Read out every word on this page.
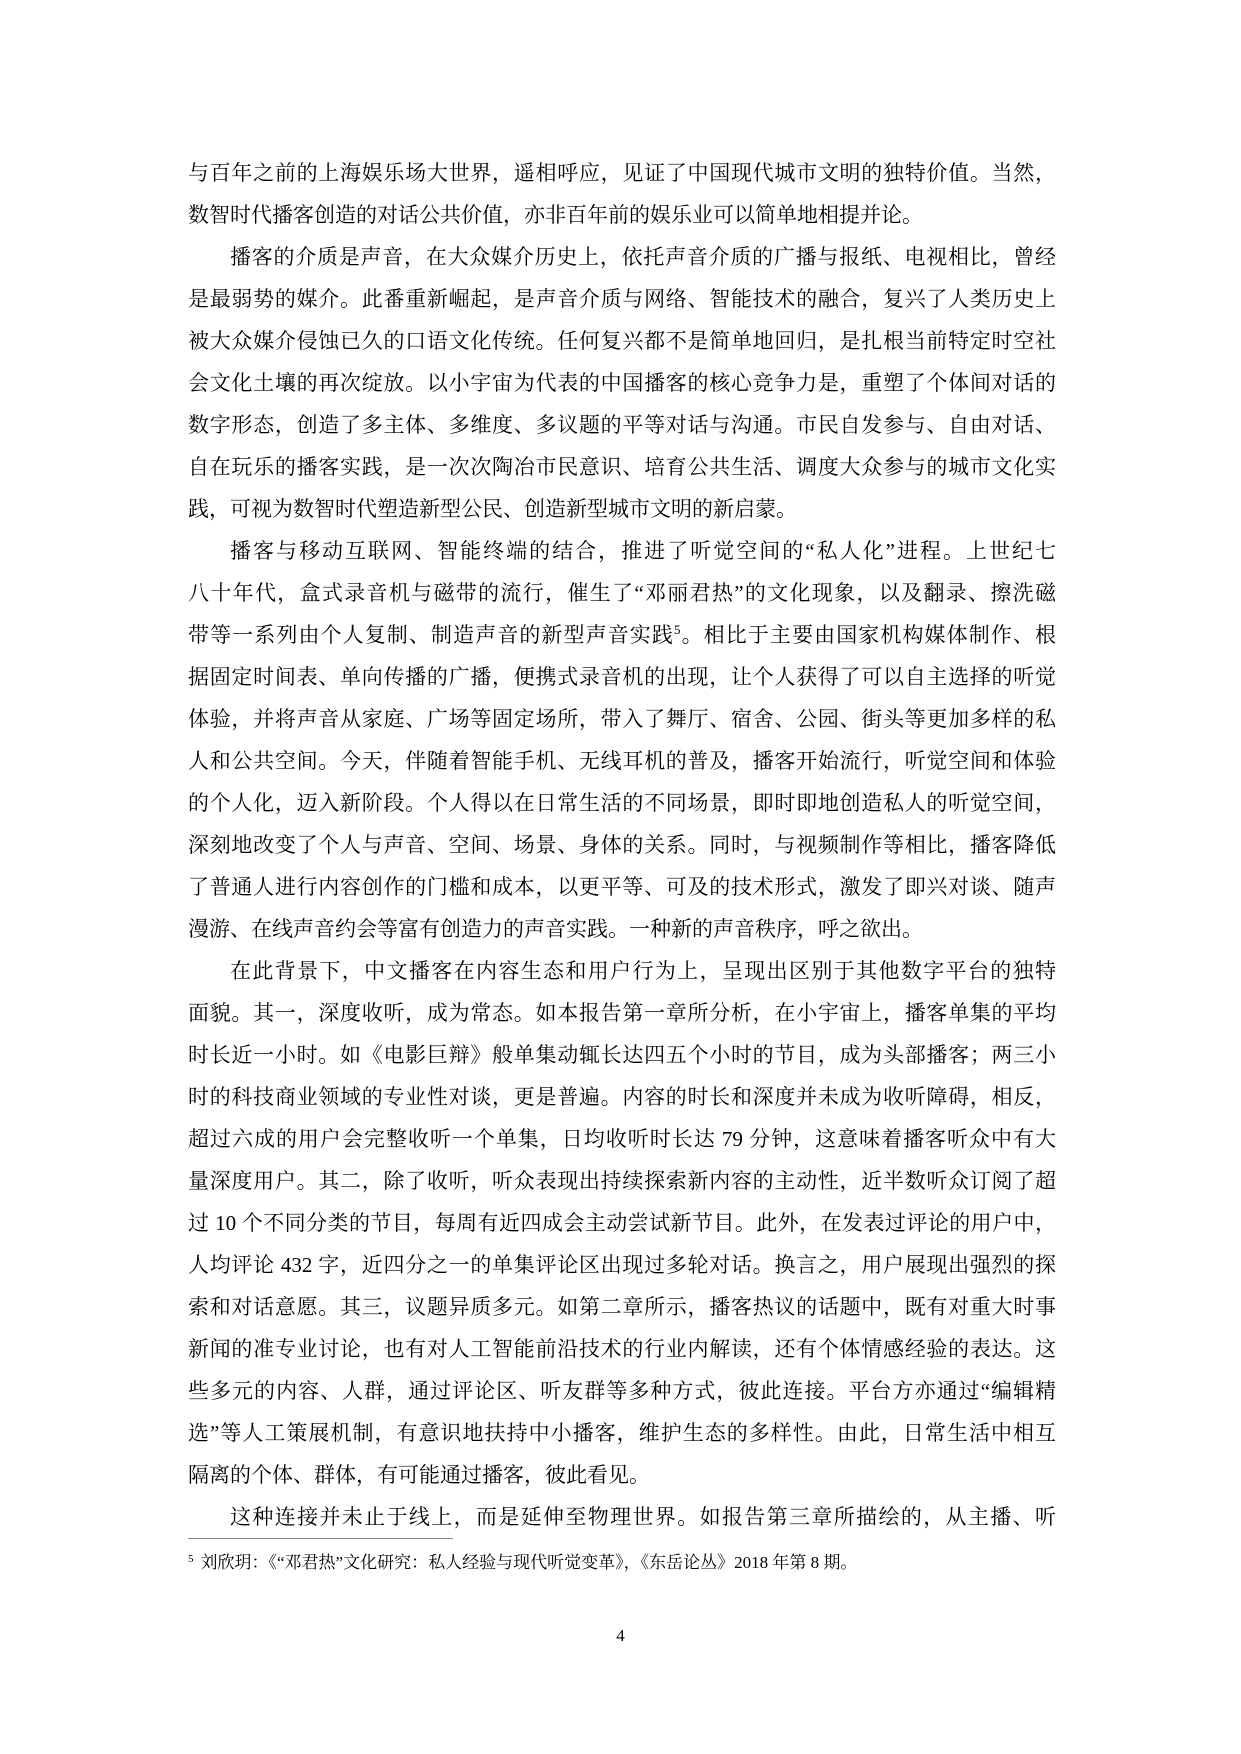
与百年之前的上海娱乐场大世界，遥相呼应，见证了中国现代城市文明的独特价值。当然，
数智时代播客创造的对话公共价值，亦非百年前的娱乐业可以简单地相提并论。
播客的介质是声音，在大众媒介历史上，依托声音介质的广播与报纸、电视相比，曾经
是最弱势的媒介。此番重新崛起，是声音介质与网络、智能技术的融合，复兴了人类历史上
被大众媒介侵蚀已久的口语文化传统。任何复兴都不是简单地回归，是扎根当前特定时空社
会文化土壤的再次绽放。以小宇宙为代表的中国播客的核心竞争力是，重塑了个体间对话的
数字形态，创造了多主体、多维度、多议题的平等对话与沟通。市民自发参与、自由对话、
自在玩乐的播客实践，是一次次陶冶市民意识、培育公共生活、调度大众参与的城市文化实
践，可视为数智时代塑造新型公民、创造新型城市文明的新启蒙。
播客与移动互联网、智能终端的结合，推进了听觉空间的“私人化”进程。上世纪七
八十年代，盒式录音机与磁带的流行，催生了“邓丽君热”的文化现象，以及翻录、擦洗磁
带等一系列由个人复制、制造声音的新型声音实践$^5$。相比于主要由国家机构媒体制作、根
据固定时间表、单向传播的广播，便携式录音机的出现，让个人获得了可以自主选择的听觉
体验，并将声音从家庭、广场等固定场所，带入了舞厅、宿舍、公园、街头等更加多样的私
人和公共空间。今天，伴随着智能手机、无线耳机的普及，播客开始流行，听觉空间和体验
的个人化，迈入新阶段。个人得以在日常生活的不同场景，即时即地创造私人的听觉空间，
深刻地改变了个人与声音、空间、场景、身体的关系。同时，与视频制作等相比，播客降低
了普通人进行内容创作的门槛和成本，以更平等、可及的技术形式，激发了即兴对谈、随声
漫游、在线声音约会等富有创造力的声音实践。一种新的声音秩序，呼之欲出。
在此背景下，中文播客在内容生态和用户行为上，呈现出区别于其他数字平台的独特
面貌。其一，深度收听，成为常态。如本报告第一章所分析，在小宇宙上，播客单集的平均
时长近一小时。如《电影巨辩》般单集动辄长达四五个小时的节目，成为头部播客；两三小
时的科技商业领域的专业性对谈，更是普遍。内容的时长和深度并未成为收听障碍，相反，
超过六成的用户会完整收听一个单集，日均收听时长达 79 分钟，这意味着播客听众中有大
量深度用户。其二，除了收听，听众表现出持续探索新内容的主动性，近半数听众订阅了超
过 10 个不同分类的节目，每周有近四成会主动尝试新节目。此外，在发表过评论的用户中，
人均评论 432 字，近四分之一的单集评论区出现过多轮对话。换言之，用户展现出强烈的探
索和对话意愿。其三，议题异质多元。如第二章所示，播客热议的话题中，既有对重大时事
新闻的准专业讨论，也有对人工智能前沿技术的行业内解读，还有个体情感经验的表达。这
些多元的内容、人群，通过评论区、听友群等多种方式，彼此连接。平台方亦通过“编辑精
选”等人工策展机制，有意识地扶持中小播客，维护生态的多样性。由此，日常生活中相互
隔离的个体、群体，有可能通过播客，彼此看见。
这种连接并未止于线上，而是延伸至物理世界。如报告第三章所描绘的，从主播、听
$^5$ 刘欣玥：《“邓君热”文化研究：私人经验与现代听觉变革》，《东岳论丛》2018 年第 8 期。
4
